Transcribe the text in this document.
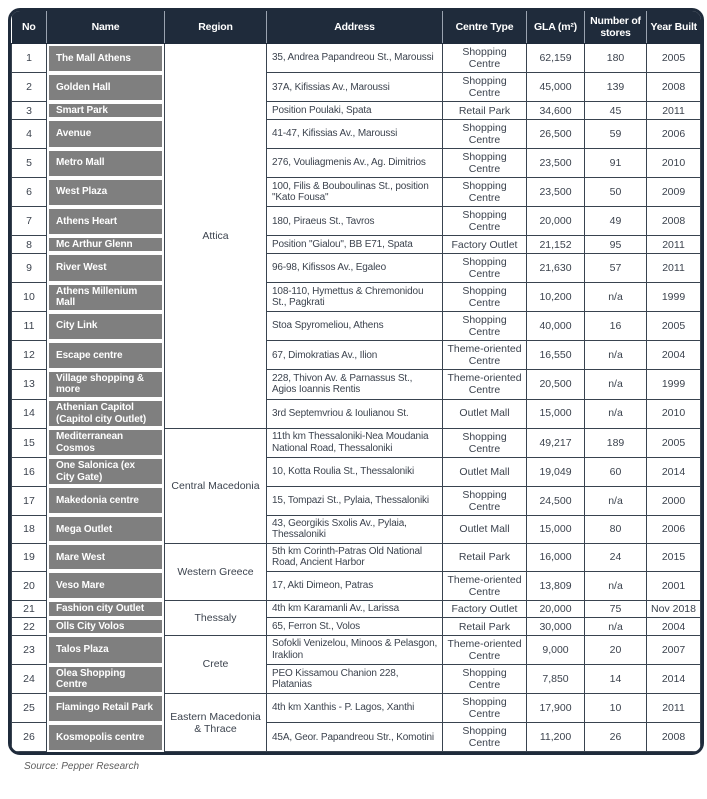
No	Name	Region	Address	Centre Type	GLA (m²)	Number of stores	Year Built
1	The Mall Athens	Attica	35, Andrea Papandreou St., Maroussi	Shopping Centre	62,159	180	2005
2	Golden Hall		37A, Kifissias Av., Maroussi	Shopping Centre	45,000	139	2008
3	Smart Park		Position Poulaki, Spata	Retail Park	34,600	45	2011
4	Avenue		41-47, Kifissias Av., Maroussi	Shopping Centre	26,500	59	2006
5	Metro Mall		276, Vouliagmenis Av., Ag. Dimitrios	Shopping Centre	23,500	91	2010
6	West Plaza		100, Filis & Bouboulinas St., position "Kato Fousa"	Shopping Centre	23,500	50	2009
7	Athens Heart		180, Piraeus St., Tavros	Shopping Centre	20,000	49	2008
8	Mc Arthur Glenn		Position "Gialou", BB E71, Spata	Factory Outlet	21,152	95	2011
9	River West		96-98, Kifissos Av., Egaleo	Shopping Centre	21,630	57	2011
10	Athens Millenium Mall		108-110, Hymettus & Chremonidou St., Pagkrati	Shopping Centre	10,200	n/a	1999
11	City Link		Stoa Spyromeliou, Athens	Shopping Centre	40,000	16	2005
12	Escape centre		67, Dimokratias Av., Ilion	Theme-oriented Centre	16,550	n/a	2004
13	Village shopping & more		228, Thivon Av. & Parnassus St., Agios Ioannis Rentis	Theme-oriented Centre	20,500	n/a	1999
14	Athenian Capitol (Capitol city Outlet)		3rd Septemvriou & Ioulianou St.	Outlet Mall	15,000	n/a	2010
15	Mediterranean Cosmos	Central Macedonia	11th km Thessaloniki-Nea Moudania National Road, Thessaloniki	Shopping Centre	49,217	189	2005
16	One Salonica (ex City Gate)		10, Kotta Roulia St., Thessaloniki	Outlet Mall	19,049	60	2014
17	Makedonia centre		15, Tompazi St., Pylaia, Thessaloniki	Shopping Centre	24,500	n/a	2000
18	Mega Outlet		43, Georgikis Sxolis Av., Pylaia, Thessaloniki	Outlet Mall	15,000	80	2006
19	Mare West	Western Greece	5th km Corinth-Patras Old National Road, Ancient Harbor	Retail Park	16,000	24	2015
20	Veso Mare		17, Akti Dimeon, Patras	Theme-oriented Centre	13,809	n/a	2001
21	Fashion city Outlet	Thessaly	4th km Karamanli Av., Larissa	Factory Outlet	20,000	75	Nov 2018
22	Olls City Volos		65, Ferron St., Volos	Retail Park	30,000	n/a	2004
23	Talos Plaza	Crete	Sofokli Venizelou, Minoos & Pelasgon, Iraklion	Theme-oriented Centre	9,000	20	2007
24	Olea Shopping Centre		PEO Kissamou Chanion 228, Platanias	Shopping Centre	7,850	14	2014
25	Flamingo Retail Park	Eastern Macedonia & Thrace	4th km Xanthis - P. Lagos, Xanthi	Shopping Centre	17,900	10	2011
26	Kosmopolis centre		45A, Geor. Papandreou Str., Komotini	Shopping Centre	11,200	26	2008
Source: Pepper Research
